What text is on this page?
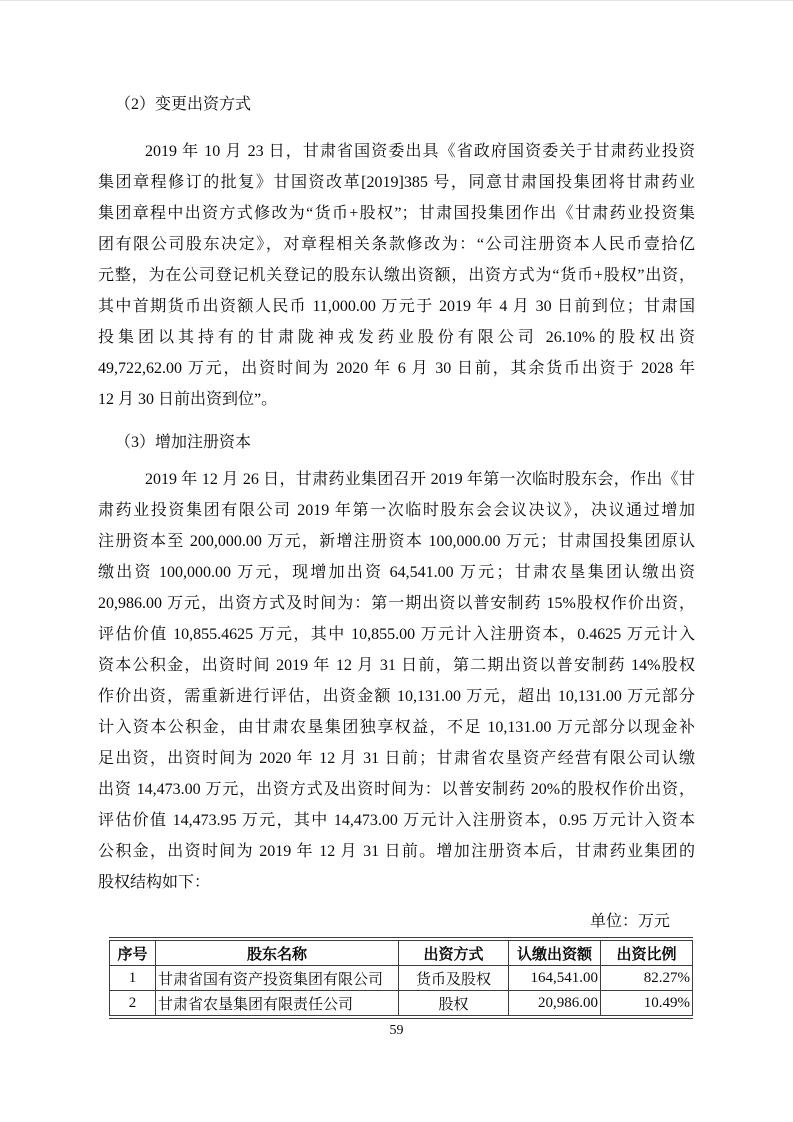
（2）变更出资方式
2019 年 10 月 23 日，甘肃省国资委出具《省政府国资委关于甘肃药业投资
集团章程修订的批复》甘国资改革[2019]385 号，同意甘肃国投集团将甘肃药业
集团章程中出资方式修改为“货币+股权”；甘肃国投集团作出《甘肃药业投资集
团有限公司股东决定》，对章程相关条款修改为：“公司注册资本人民币壹拾亿
元整，为在公司登记机关登记的股东认缴出资额，出资方式为“货币+股权”出资，
其中首期货币出资额人民币 11,000.00 万元于 2019 年 4 月 30 日前到位；甘肃国
投集团以其持有的甘肃陇神戎发药业股份有限公司 26.10%的股权出资
49,722,62.00 万元，出资时间为 2020 年 6 月 30 日前，其余货币出资于 2028 年
12 月 30 日前出资到位”。
（3）增加注册资本
2019 年 12 月 26 日，甘肃药业集团召开 2019 年第一次临时股东会，作出《甘
肃药业投资集团有限公司 2019 年第一次临时股东会会议决议》，决议通过增加
注册资本至 200,000.00 万元，新增注册资本 100,000.00 万元；甘肃国投集团原认
缴出资 100,000.00 万元，现增加出资 64,541.00 万元；甘肃农垦集团认缴出资
20,986.00 万元，出资方式及时间为：第一期出资以普安制药 15%股权作价出资，
评估价值 10,855.4625 万元，其中 10,855.00 万元计入注册资本，0.4625 万元计入
资本公积金，出资时间 2019 年 12 月 31 日前，第二期出资以普安制药 14%股权
作价出资，需重新进行评估，出资金额 10,131.00 万元，超出 10,131.00 万元部分
计入资本公积金，由甘肃农垦集团独享权益，不足 10,131.00 万元部分以现金补
足出资，出资时间为 2020 年 12 月 31 日前；甘肃省农垦资产经营有限公司认缴
出资 14,473.00 万元，出资方式及出资时间为：以普安制药 20%的股权作价出资，
评估价值 14,473.95 万元，其中 14,473.00 万元计入注册资本，0.95 万元计入资本
公积金，出资时间为 2019 年 12 月 31 日前。增加注册资本后，甘肃药业集团的
股权结构如下：
单位：万元
序号	股东名称	出资方式	认缴出资额	出资比例
1	甘肃省国有资产投资集团有限公司	货币及股权	164,541.00	82.27%
2	甘肃省农垦集团有限责任公司	股权	20,986.00	10.49%
59
